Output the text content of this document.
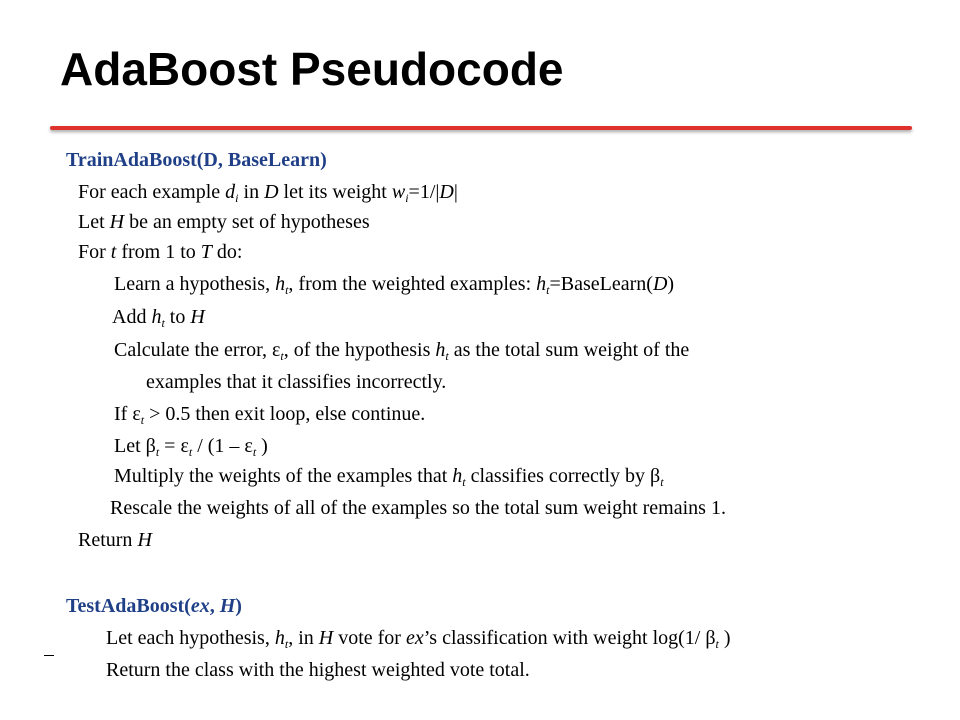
AdaBoost Pseudocode
TrainAdaBoost(D, BaseLearn)
For each example $d_i$ in D let its weight $w_i=1/|D|$
Let H be an empty set of hypotheses
For t from 1 to T do:
Learn a hypothesis, $h_t$, from the weighted examples: $h_t=BaseLearn(D)$
Add $h_t$ to H
Calculate the error, $\varepsilon_t$, of the hypothesis $h_t$ as the total sum weight of the
examples that it classifies incorrectly.
If $\varepsilon_t > 0.5$ then exit loop, else continue.
Let $\beta_t = \varepsilon_t / (1 - \varepsilon_t$ )
Multiply the weights of the examples that $h_t$ classifies correctly by $\beta_t$
Rescale the weights of all of the examples so the total sum weight remains 1.
Return H
TestAdaBoost(ex, H)
Let each hypothesis, $h_t$, in H vote for ex’s classification with weight log(1/ $\beta_t$ )
Return the class with the highest weighted vote total.
